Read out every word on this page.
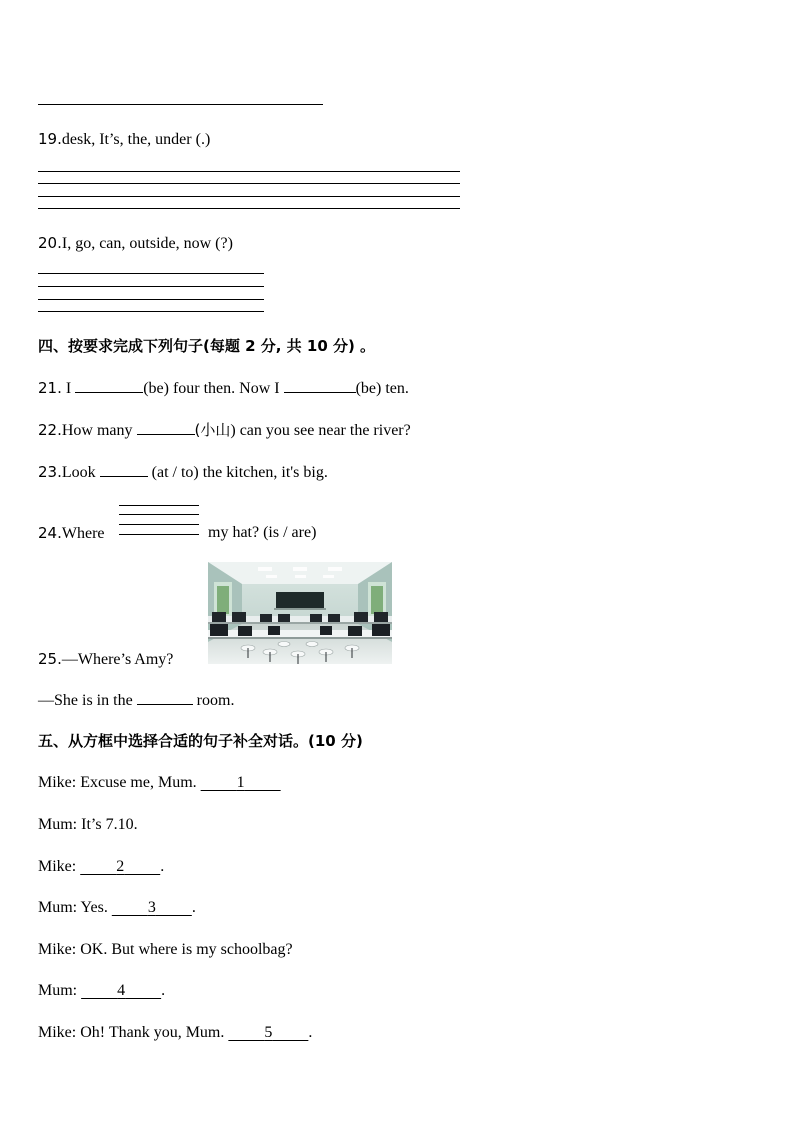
19.desk, It’s, the, under (.)
20.I, go, can, outside, now (?)
四、按要求完成下列句子(每题 2 分, 共 10 分) 。
21. I	(be) four then. Now I	(be) ten.
22.How many	(小山) can you see near the river?
23.Look	(at / to) the kitchen, it's big.
24.Where	my hat? (is / are)
25.—Where’s Amy?
—She is in the	room.
五、从方框中选择合适的句子补全对话。(10 分)
Mike: Excuse me, Mum.          1
Mum: It’s 7.10.
Mike:	2 .
Mum: Yes.          3 .
Mike: OK. But where is my schoolbag?
Mum:	4 .
Mike: Oh! Thank you, Mum.          5 .
